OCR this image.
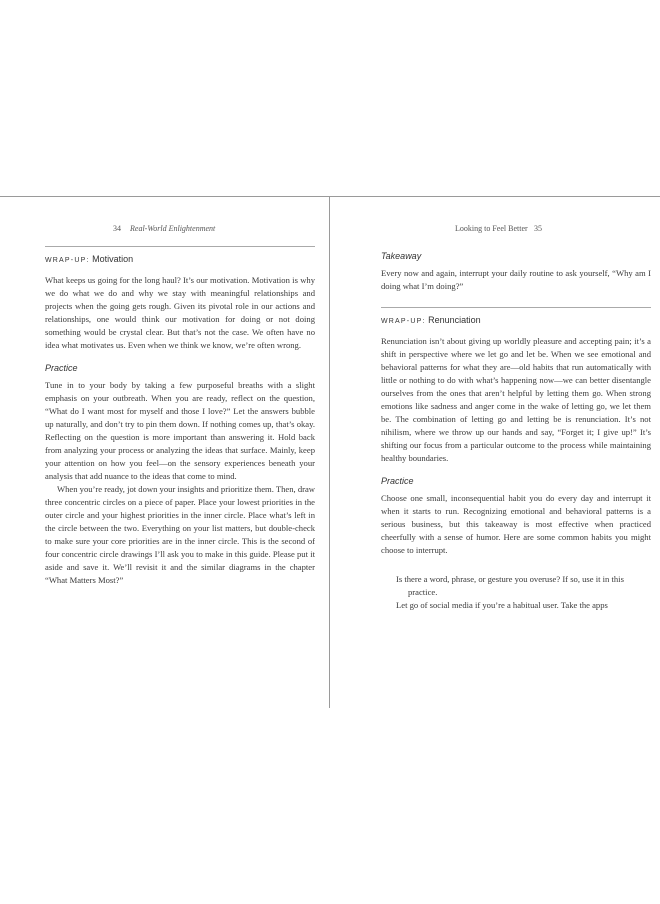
34 Real-World Enlightenment
WRAP-UP: Motivation

What keeps us going for the long haul? It’s our motivation. Motivation is why we do what we do and why we stay with meaningful relationships and projects when the going gets rough. Given its pivotal role in our actions and relationships, one would think our motivation for doing or not doing something would be crystal clear. But that’s not the case. We often have no idea what motivates us. Even when we think we know, we’re often wrong.

Practice

Tune in to your body by taking a few purposeful breaths with a slight emphasis on your outbreath. When you are ready, reflect on the question, “What do I want most for myself and those I love?” Let the answers bubble up naturally, and don’t try to pin them down. If nothing comes up, that’s okay. Reflecting on the question is more important than answering it. Hold back from analyzing your process or analyzing the ideas that surface. Mainly, keep your attention on how you feel—on the sensory experiences beneath your analysis that add nuance to the ideas that come to mind.

When you’re ready, jot down your insights and prioritize them. Then, draw three concentric circles on a piece of paper. Place your lowest priorities in the outer circle and your highest priorities in the inner circle. Place what’s left in the circle between the two. Everything on your list matters, but double-check to make sure your core priorities are in the inner circle. This is the second of four concentric circle drawings I’ll ask you to make in this guide. Please put it aside and save it. We’ll revisit it and the similar diagrams in the chapter “What Matters Most?”

Looking to Feel Better 35
Takeaway

Every now and again, interrupt your daily routine to ask yourself, “Why am I doing what I’m doing?”

WRAP-UP: Renunciation

Renunciation isn’t about giving up worldly pleasure and accepting pain; it’s a shift in perspective where we let go and let be. When we see emotional and behavioral patterns for what they are—old habits that run automatically with little or nothing to do with what’s happening now—we can better disentangle ourselves from the ones that aren’t helpful by letting them go. When strong emotions like sadness and anger come in the wake of letting go, we let them be. The combination of letting go and letting be is renunciation. It’s not nihilism, where we throw up our hands and say, “Forget it; I give up!” It’s shifting our focus from a particular outcome to the process while maintaining healthy boundaries.

Practice

Choose one small, inconsequential habit you do every day and interrupt it when it starts to run. Recognizing emotional and behavioral patterns is a serious business, but this takeaway is most effective when practiced cheerfully with a sense of humor. Here are some common habits you might choose to interrupt.

Is there a word, phrase, or gesture you overuse? If so, use it in this practice.
Let go of social media if you’re a habitual user. Take the apps
